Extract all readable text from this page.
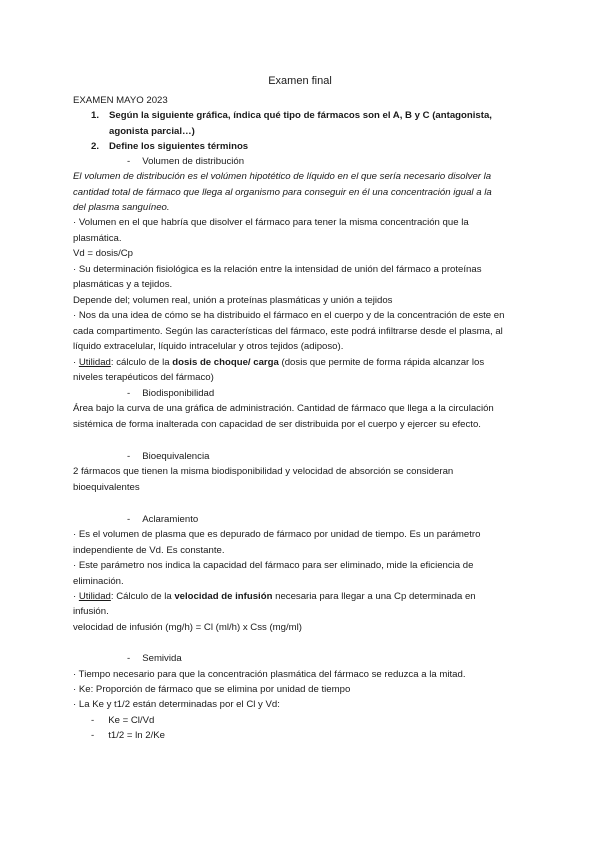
Examen final
EXAMEN MAYO 2023
1. Según la siguiente gráfica, índica qué tipo de fármacos son el A, B y C (antagonista,
agonista parcial…)
2. Define los siguientes términos
- Volumen de distribución
El volumen de distribución es el volúmen hipotético de líquido en el que sería necesario disolver la
cantidad total de fármaco que llega al organismo para conseguir en él una concentración igual a la
del plasma sanguíneo.
· Volumen en el que habría que disolver el fármaco para tener la misma concentración que la
plasmática.
Vd = dosis/Cp
· Su determinación fisiológica es la relación entre la intensidad de unión del fármaco a proteínas
plasmáticas y a tejidos.
Depende del; volumen real, unión a proteínas plasmáticas y unión a tejidos
· Nos da una idea de cómo se ha distribuido el fármaco en el cuerpo y de la concentración de este en
cada compartimento. Según las características del fármaco, este podrá infiltrarse desde el plasma, al
líquido extracelular, líquido intracelular y otros tejidos (adiposo).
· Utilidad: cálculo de la dosis de choque/ carga (dosis que permite de forma rápida alcanzar los
niveles terapéuticos del fármaco)
- Biodisponibilidad
Área bajo la curva de una gráfica de administración. Cantidad de fármaco que llega a la circulación
sistémica de forma inalterada con capacidad de ser distribuida por el cuerpo y ejercer su efecto.
- Bioequivalencia
2 fármacos que tienen la misma biodisponibilidad y velocidad de absorción se consideran
bioequivalentes
- Aclaramiento
· Es el volumen de plasma que es depurado de fármaco por unidad de tiempo. Es un parámetro
independiente de Vd. Es constante.
· Este parámetro nos indica la capacidad del fármaco para ser eliminado, mide la eficiencia de
eliminación.
· Utilidad: Cálculo de la velocidad de infusión necesaria para llegar a una Cp determinada en
infusión.
velocidad de infusión (mg/h) = Cl (ml/h) x Css (mg/ml)
- Semivida
· Tiempo necesario para que la concentración plasmática del fármaco se reduzca a la mitad.
· Ke: Proporción de fármaco que se elimina por unidad de tiempo
· La Ke y t1/2 están determinadas por el Cl y Vd:
- Ke = Cl/Vd
- t1/2 = ln 2/Ke
